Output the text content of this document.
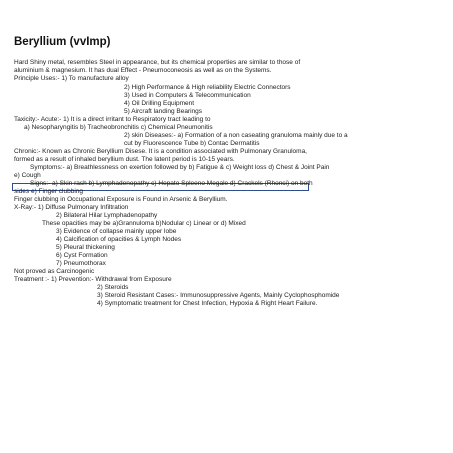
Beryllium (vvImp)
Hard Shiny metal, resembles Steel in appearance, but its chemical properties are similar to those of
aluminium & magnesium. It has dual Effect - Pneumoconeosis as well as on the Systems.
Principle Uses:- 1) To manufacture alloy
2) High Performance & High reliability Electric Connectors
3) Used in Computers & Telecommunication
4) Oil Drilling Equipment
5) Aircraft landing Bearings
Taxicity:- Acute:- 1) It is a direct irritant to Respiratory tract leading to
a) Nesopharyngitis b) Tracheobronchitis c) Chemical Pneumonitis
2) skin Diseases:- a) Formation of a non caseating granuloma mainly due to a
cut by Fluorescence Tube b) Contac Dermatitis
Chronic:- Known as Chronic Beryllium Disese. It is a condition associated with Pulmonary Granuloma,
formed as a result of inhaled beryllium dust. The latent period is 10-15 years.
Symptoms:- a) Breathlessness on exertion followed by b) Fatigue & c) Weight loss d) Chest & Joint Pain
e) Cough
Signs:- a) Skin rash b) Lymphadenopathy c) Hepato Spleeno Megale d) Crackels (Rhonci) on both
sides e) Finger clubbing
Finger clubbing in Occupational Exposure is Found in Arsenic & Beryllium.
X-Ray:- 1) Diffuse Pulmonary Infiltration
2) Bilateral Hilar Lymphadenopathy
These opacities may be a)Grannuloma b)Nodular c) Linear or d) Mixed
3) Evidence of collapse mainly upper lobe
4) Calcification of opacities & Lymph Nodes
5) Pleural thickening
6) Cyst Formation
7) Pneumothorax
Not proved as Carcinogenic
Treatment :- 1) Prevention:- Withdrawal from Exposure
2) Steroids
3) Steroid Resistant Cases:- Immunosuppressive Agents, Mainly Cyclophosphomide
4) Symptomatic treatment for Chest Infection, Hypoxia & Right Heart Failure.
